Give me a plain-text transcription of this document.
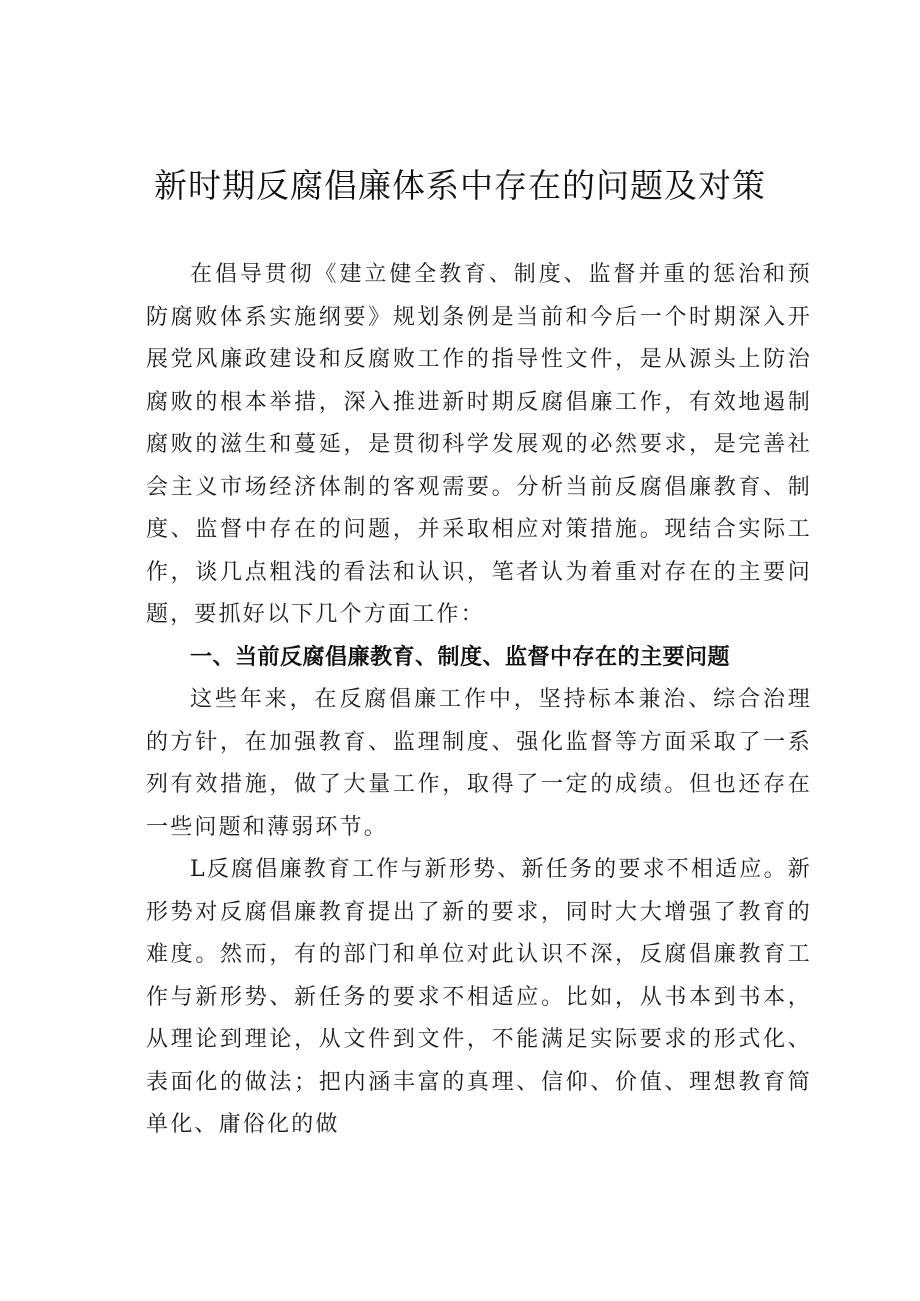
新时期反腐倡廉体系中存在的问题及对策

在倡导贯彻《建立健全教育、制度、监督并重的惩治和预防腐败体系实施纲要》规划条例是当前和今后一个时期深入开展党风廉政建设和反腐败工作的指导性文件，是从源头上防治腐败的根本举措，深入推进新时期反腐倡廉工作，有效地遏制腐败的滋生和蔓延，是贯彻科学发展观的必然要求，是完善社会主义市场经济体制的客观需要。分析当前反腐倡廉教育、制度、监督中存在的问题，并采取相应对策措施。现结合实际工作，谈几点粗浅的看法和认识，笔者认为着重对存在的主要问题，要抓好以下几个方面工作：

一、当前反腐倡廉教育、制度、监督中存在的主要问题

这些年来，在反腐倡廉工作中，坚持标本兼治、综合治理的方针，在加强教育、监理制度、强化监督等方面采取了一系列有效措施，做了大量工作，取得了一定的成绩。但也还存在一些问题和薄弱环节。

L反腐倡廉教育工作与新形势、新任务的要求不相适应。新形势对反腐倡廉教育提出了新的要求，同时大大增强了教育的难度。然而，有的部门和单位对此认识不深，反腐倡廉教育工作与新形势、新任务的要求不相适应。比如，从书本到书本，从理论到理论，从文件到文件，不能满足实际要求的形式化、表面化的做法；把内涵丰富的真理、信仰、价值、理想教育简单化、庸俗化的做
